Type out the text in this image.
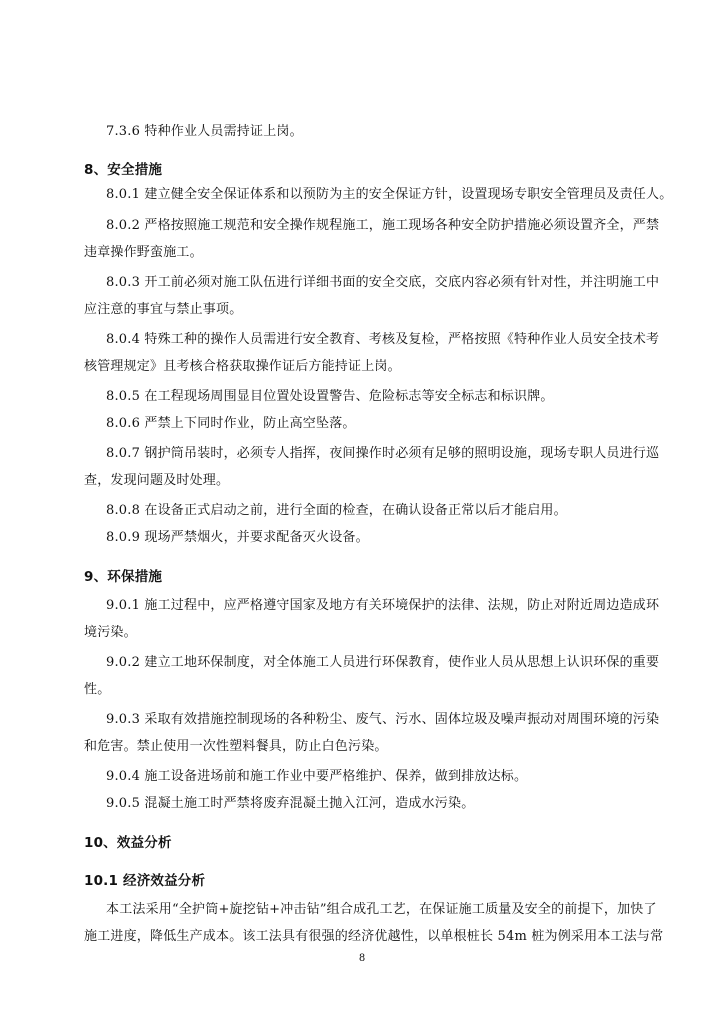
7.3.6 特种作业人员需持证上岗。
8、安全措施
8.0.1 建立健全安全保证体系和以预防为主的安全保证方针，设置现场专职安全管理员及责任人。
8.0.2 严格按照施工规范和安全操作规程施工，施工现场各种安全防护措施必须设置齐全，严禁
违章操作野蛮施工。
8.0.3 开工前必须对施工队伍进行详细书面的安全交底，交底内容必须有针对性，并注明施工中
应注意的事宜与禁止事项。
8.0.4 特殊工种的操作人员需进行安全教育、考核及复检，严格按照《特种作业人员安全技术考
核管理规定》且考核合格获取操作证后方能持证上岗。
8.0.5 在工程现场周围显目位置处设置警告、危险标志等安全标志和标识牌。
8.0.6 严禁上下同时作业，防止高空坠落。
8.0.7 钢护筒吊装时，必须专人指挥，夜间操作时必须有足够的照明设施，现场专职人员进行巡
查，发现问题及时处理。
8.0.8 在设备正式启动之前，进行全面的检查，在确认设备正常以后才能启用。
8.0.9 现场严禁烟火，并要求配备灭火设备。
9、环保措施
9.0.1 施工过程中，应严格遵守国家及地方有关环境保护的法律、法规，防止对附近周边造成环
境污染。
9.0.2 建立工地环保制度，对全体施工人员进行环保教育，使作业人员从思想上认识环保的重要
性。
9.0.3 采取有效措施控制现场的各种粉尘、废气、污水、固体垃圾及噪声振动对周围环境的污染
和危害。禁止使用一次性塑料餐具，防止白色污染。
9.0.4 施工设备进场前和施工作业中要严格维护、保养，做到排放达标。
9.0.5 混凝土施工时严禁将废弃混凝土抛入江河，造成水污染。
10、效益分析
10.1 经济效益分析
本工法采用“全护筒+旋挖钻+冲击钻”组合成孔工艺，在保证施工质量及安全的前提下，加快了
施工进度，降低生产成本。该工法具有很强的经济优越性，以单根桩长 54m 桩为例采用本工法与常
8
